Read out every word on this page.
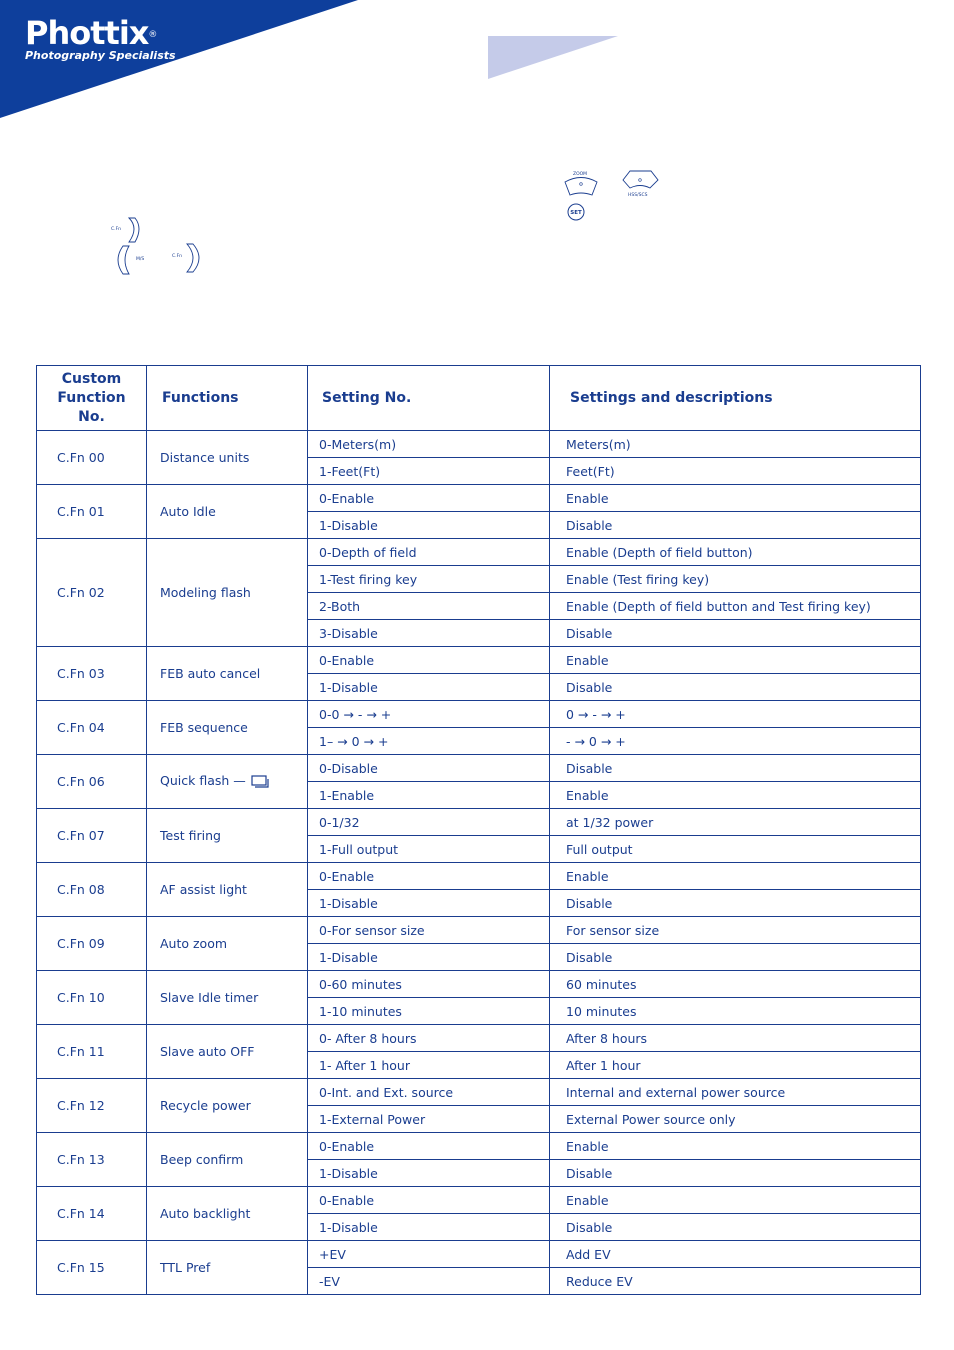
Phottix®
Photography Specialists
C.Fn
M/S
C.Fn
ZOOM
HSS/SCS
SET
Custom
Function
No.	Functions	Setting No.	Settings and descriptions
C.Fn 00	Distance units	0-Meters(m)	Meters(m)
		1-Feet(Ft)	Feet(Ft)
C.Fn 01	Auto Idle	0-Enable	Enable
		1-Disable	Disable
C.Fn 02	Modeling flash	0-Depth of field	Enable (Depth of field button)
		1-Test firing key	Enable (Test firing key)
		2-Both	Enable (Depth of field button and Test firing key)
		3-Disable	Disable
C.Fn 03	FEB auto cancel	0-Enable	Enable
		1-Disable	Disable
C.Fn 04	FEB sequence	0-0 → - → +	0 → - → +
		1– → 0 → +	- → 0 → +
C.Fn 06	Quick flash —	0-Disable	Disable
		1-Enable	Enable
C.Fn 07	Test firing	0-1/32	at 1/32 power
		1-Full output	Full output
C.Fn 08	AF assist light	0-Enable	Enable
		1-Disable	Disable
C.Fn 09	Auto zoom	0-For sensor size	For sensor size
		1-Disable	Disable
C.Fn 10	Slave Idle timer	0-60 minutes	60 minutes
		1-10 minutes	10 minutes
C.Fn 11	Slave auto OFF	0- After 8 hours	After 8 hours
		1- After 1 hour	After 1 hour
C.Fn 12	Recycle power	0-Int. and Ext. source	Internal and external power source
		1-External Power	External Power source only
C.Fn 13	Beep confirm	0-Enable	Enable
		1-Disable	Disable
C.Fn 14	Auto backlight	0-Enable	Enable
		1-Disable	Disable
C.Fn 15	TTL Pref	+EV	Add EV
		-EV	Reduce EV
